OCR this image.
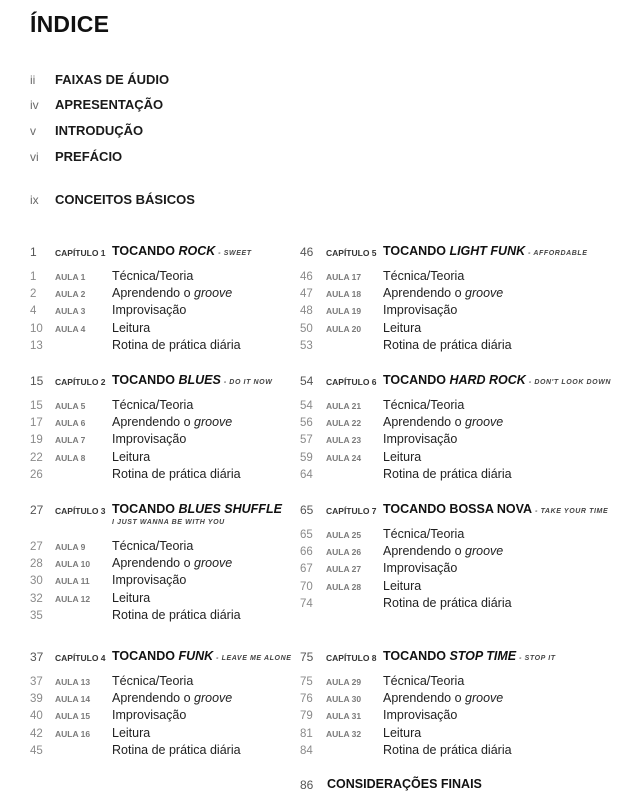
ÍNDICE
ii	FAIXAS DE ÁUDIO
iv	APRESENTAÇÃO
v	INTRODUÇÃO
vi	PREFÁCIO
ix	CONCEITOS BÁSICOS
1 CAPÍTULO 1 TOCANDO ROCK - SWEET
1 AULA 1 Técnica/Teoria
2 AULA 2 Aprendendo o groove
4 AULA 3 Improvisação
10 AULA 4 Leitura
13	Rotina de prática diária
15 CAPÍTULO 2 TOCANDO BLUES - DO IT NOW
15 AULA 5 Técnica/Teoria
17 AULA 6 Aprendendo o groove
19 AULA 7 Improvisação
22 AULA 8 Leitura
26	Rotina de prática diária
27 CAPÍTULO 3 TOCANDO BLUES SHUFFLE
I JUST WANNA BE WITH YOU
27 AULA 9 Técnica/Teoria
28 AULA 10 Aprendendo o groove
30 AULA 11 Improvisação
32 AULA 12 Leitura
35	Rotina de prática diária
37 CAPÍTULO 4 TOCANDO FUNK - LEAVE ME ALONE
37 AULA 13 Técnica/Teoria
39 AULA 14 Aprendendo o groove
40 AULA 15 Improvisação
42 AULA 16 Leitura
45	Rotina de prática diária
46 CAPÍTULO 5 TOCANDO LIGHT FUNK - AFFORDABLE
46 AULA 17 Técnica/Teoria
47 AULA 18 Aprendendo o groove
48 AULA 19 Improvisação
50 AULA 20 Leitura
53	Rotina de prática diária
54 CAPÍTULO 6 TOCANDO HARD ROCK - DON'T LOOK DOWN
54 AULA 21 Técnica/Teoria
56 AULA 22 Aprendendo o groove
57 AULA 23 Improvisação
59 AULA 24 Leitura
64	Rotina de prática diária
65 CAPÍTULO 7 TOCANDO BOSSA NOVA - TAKE YOUR TIME
65 AULA 25 Técnica/Teoria
66 AULA 26 Aprendendo o groove
67 AULA 27 Improvisação
70 AULA 28 Leitura
74	Rotina de prática diária
75 CAPÍTULO 8 TOCANDO STOP TIME - STOP IT
75 AULA 29 Técnica/Teoria
76 AULA 30 Aprendendo o groove
79 AULA 31 Improvisação
81 AULA 32 Leitura
84	Rotina de prática diária
86 CONSIDERAÇÕES FINAIS
